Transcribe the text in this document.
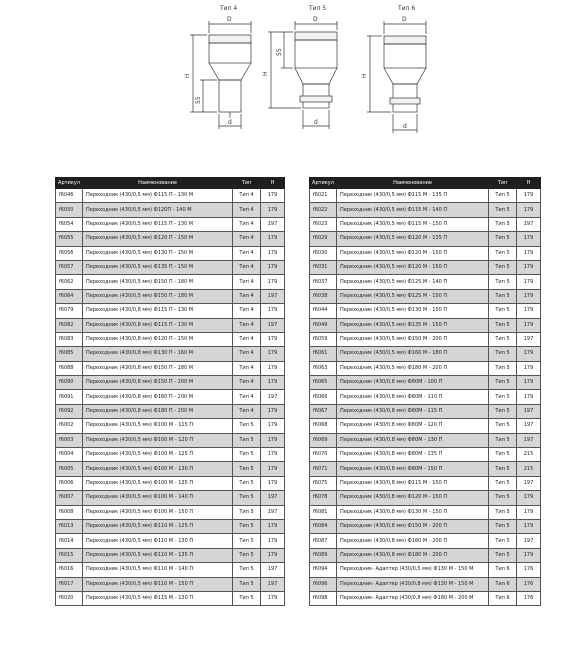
Тип 4	Тип 5	Тип 6
D	D	D
d	d
d
H	H	H
55
55
Артикул	Наименование	Тип	H
f6046	Переходник (430/0,5 мм) Ф115 П - 130 М	Тип 4	179
f6050	Переходник (430/0,5 мм) Ф120П - 140 М	Тип 4	179
f6054	Переходник (430/0,5 мм) Ф115 П - 130 М	Тип 4	197
f6055	Переходник (430/0,5 мм) Ф120 П - 150 М	Тип 4	179
f6056	Переходник (430/0,5 мм) Ф130 П - 150 М	Тип 4	179
f6057	Переходник (430/0,5 мм) Ф135 П - 150 М	Тип 4	179
f6062	Переходник (430/0,5 мм) Ф150 П - 180 М	Тип 4	179
f6064	Переходник (430/0,5 мм) Ф150 П - 180 М	Тип 4	197
f6079	Переходник (430/0,8 мм) Ф115 П - 130 М	Тип 4	179
f6082	Переходник (430/0,8 мм) Ф115 П - 130 М	Тип 4	197
f6083	Переходник (430/0,8 мм) Ф120 П - 150 М	Тип 4	179
f6085	Переходник (430/0,8 мм) Ф130 П - 160 М	Тип 4	179
f6088	Переходник (430/0,8 мм) Ф150 П - 180 М	Тип 4	179
f6090	Переходник (430/0,8 мм) Ф150 П - 200 М	Тип 4	179
f6091	Переходник (430/0,8 мм) Ф160 П - 200 М	Тип 4	197
f6092	Переходник (430/0,8 мм) Ф180 П - 200 М	Тип 4	179
f6002	Переходник (430/0,5 мм) Ф100 М - 115 П	Тип 5	179
f6003	Переходник (430/0,5 мм) Ф100 М - 120 П	Тип 5	179
f6004	Переходник (430/0,5 мм) Ф100 М - 125 П	Тип 5	179
f6005	Переходник (430/0,5 мм) Ф100 М - 130 П	Тип 5	179
f6006	Переходник (430/0,5 мм) Ф100 М - 135 П	Тип 5	179
f6007	Переходник (430/0,5 мм) Ф100 М - 140 П	Тип 5	197
f6008	Переходник (430/0,5 мм) Ф100 М - 150 П	Тип 5	197
f6013	Переходник (430/0,5 мм) Ф110 М - 125 П	Тип 5	179
f6014	Переходник (430/0,5 мм) Ф110 М - 130 П	Тип 5	179
f6015	Переходник (430/0,5 мм) Ф110 М - 135 П	Тип 5	179
f6016	Переходник (430/0,5 мм) Ф110 М - 140 П	Тип 5	197
f6017	Переходник (430/0,5 мм) Ф110 М - 150 П	Тип 5	197
f6020	Переходник (430/0,5 мм) Ф115 М - 130 П	Тип 5	179
Артикул	Наименование	Тип	H
f6021	Переходник (430/0,5 мм) Ф115 М - 135 П	Тип 5	179
f6022	Переходник (430/0,5 мм) Ф115 М - 140 П	Тип 5	179
f6023	Переходник (430/0,5 мм) Ф115 М - 150 П	Тип 5	197
f6029	Переходник (430/0,5 мм) Ф120 М - 135 П	Тип 5	179
f6030	Переходник (430/0,5 мм) Ф120 М - 150 П	Тип 5	179
f6031	Переходник (430/0,5 мм) Ф120 М - 150 П	Тип 5	179
f6037	Переходник (430/0,5 мм) Ф125 М - 140 П	Тип 5	179
f6038	Переходник (430/0,5 мм) Ф125 М - 150 П	Тип 5	179
f6044	Переходник (430/0,5 мм) Ф130 М - 150 П	Тип 5	179
f6049	Переходник (430/0,5 мм) Ф135 М - 150 П	Тип 5	179
f6059	Переходник (430/0,5 мм) Ф150 М - 200 П	Тип 5	197
f6061	Переходник (430/0,5 мм) Ф160 М - 180 П	Тип 5	179
f6063	Переходник (430/0,5 мм) Ф180 М - 200 П	Тип 5	179
f6065	Переходник (430/0,8 мм) Ф80М - 100 П	Тип 5	179
f6066	Переходник (430/0,8 мм) Ф80М - 110 П	Тип 5	179
f6067	Переходник (430/0,8 мм) Ф80М - 115 П	Тип 5	197
f6068	Переходник (430/0,8 мм) Ф80М - 120 П	Тип 5	197
f6069	Переходник (430/0,8 мм) Ф80М - 130 П	Тип 5	197
f6070	Переходник (430/0,8 мм) Ф80М - 135 П	Тип 5	215
f6071	Переходник (430/0,8 мм) Ф80М - 150 П	Тип 5	215
f6075	Переходник (430/0,8 мм) Ф115 М - 150 П	Тип 5	197
f6078	Переходник (430/0,8 мм) Ф120 М - 150 П	Тип 5	179
f6081	Переходник (430/0,8 мм) Ф130 М - 150 П	Тип 5	179
f6084	Переходник (430/0,8 мм) Ф150 М - 200 П	Тип 5	179
f6087	Переходник (430/0,8 мм) Ф160 М - 200 П	Тип 5	197
f6089	Переходник (430/0,8 мм) Ф180 М - 200 П	Тип 5	179
f6094	Переходник- Адаптер (430/0,5 мм) Ф130 М - 150 М	Тип 6	176
f6096	Переходник- Адаптер (430/0,8 мм) Ф130 М - 150 М	Тип 6	176
f6098	Переходник- Адаптер (430/0,8 мм) Ф180 М - 200 М	Тип 6	176
